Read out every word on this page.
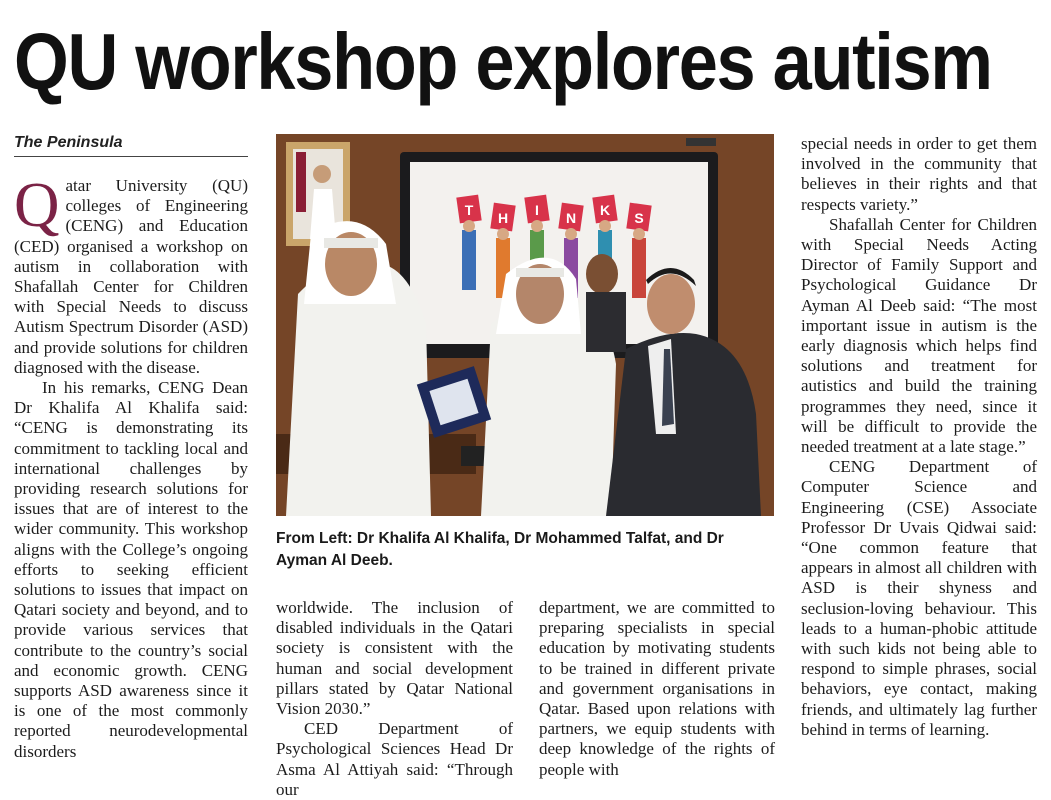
QU workshop explores autism
The Peninsula
Q atar University (QU) colleges of Engineering (CENG) and Education (CED) organised a workshop on autism in collaboration with Shafallah Center for Children with Special Needs to discuss Autism Spectrum Disorder (ASD) and provide solutions for children diagnosed with the disease.

In his remarks, CENG Dean Dr Khalifa Al Khalifa said: “CENG is demonstrating its commitment to tackling local and international challenges by providing research solutions for issues that are of interest to the wider community. This workshop aligns with the College’s ongoing efforts to seeking efficient solutions to issues that impact on Qatari society and beyond, and to provide various services that contribute to the country’s social and economic growth. CENG supports ASD awareness since it is one of the most commonly reported neurodevelopmental disorders

T H I N K S
From Left: Dr Khalifa Al Khalifa, Dr Mohammed Talfat, and Dr Ayman Al Deeb.

worldwide. The inclusion of disabled individuals in the Qatari society is consistent with the human and social development pillars stated by Qatar National Vision 2030.”

CED Department of Psychological Sciences Head Dr Asma Al Attiyah said: “Through our

department, we are committed to preparing specialists in special education by motivating students to be trained in different private and government organisations in Qatar. Based upon relations with partners, we equip students with deep knowledge of the rights of people with

special needs in order to get them involved in the community that believes in their rights and that respects variety.”

Shafallah Center for Children with Special Needs Acting Director of Family Support and Psychological Guidance Dr Ayman Al Deeb said: “The most important issue in autism is the early diagnosis which helps find solutions and treatment for autistics and build the training programmes they need, since it will be difficult to provide the needed treatment at a late stage.”

CENG Department of Computer Science and Engineering (CSE) Associate Professor Dr Uvais Qidwai said: “One common feature that appears in almost all children with ASD is their shyness and seclusion-loving behaviour. This leads to a human-phobic attitude with such kids not being able to respond to simple phrases, social behaviors, eye contact, making friends, and ultimately lag further behind in terms of learning.
